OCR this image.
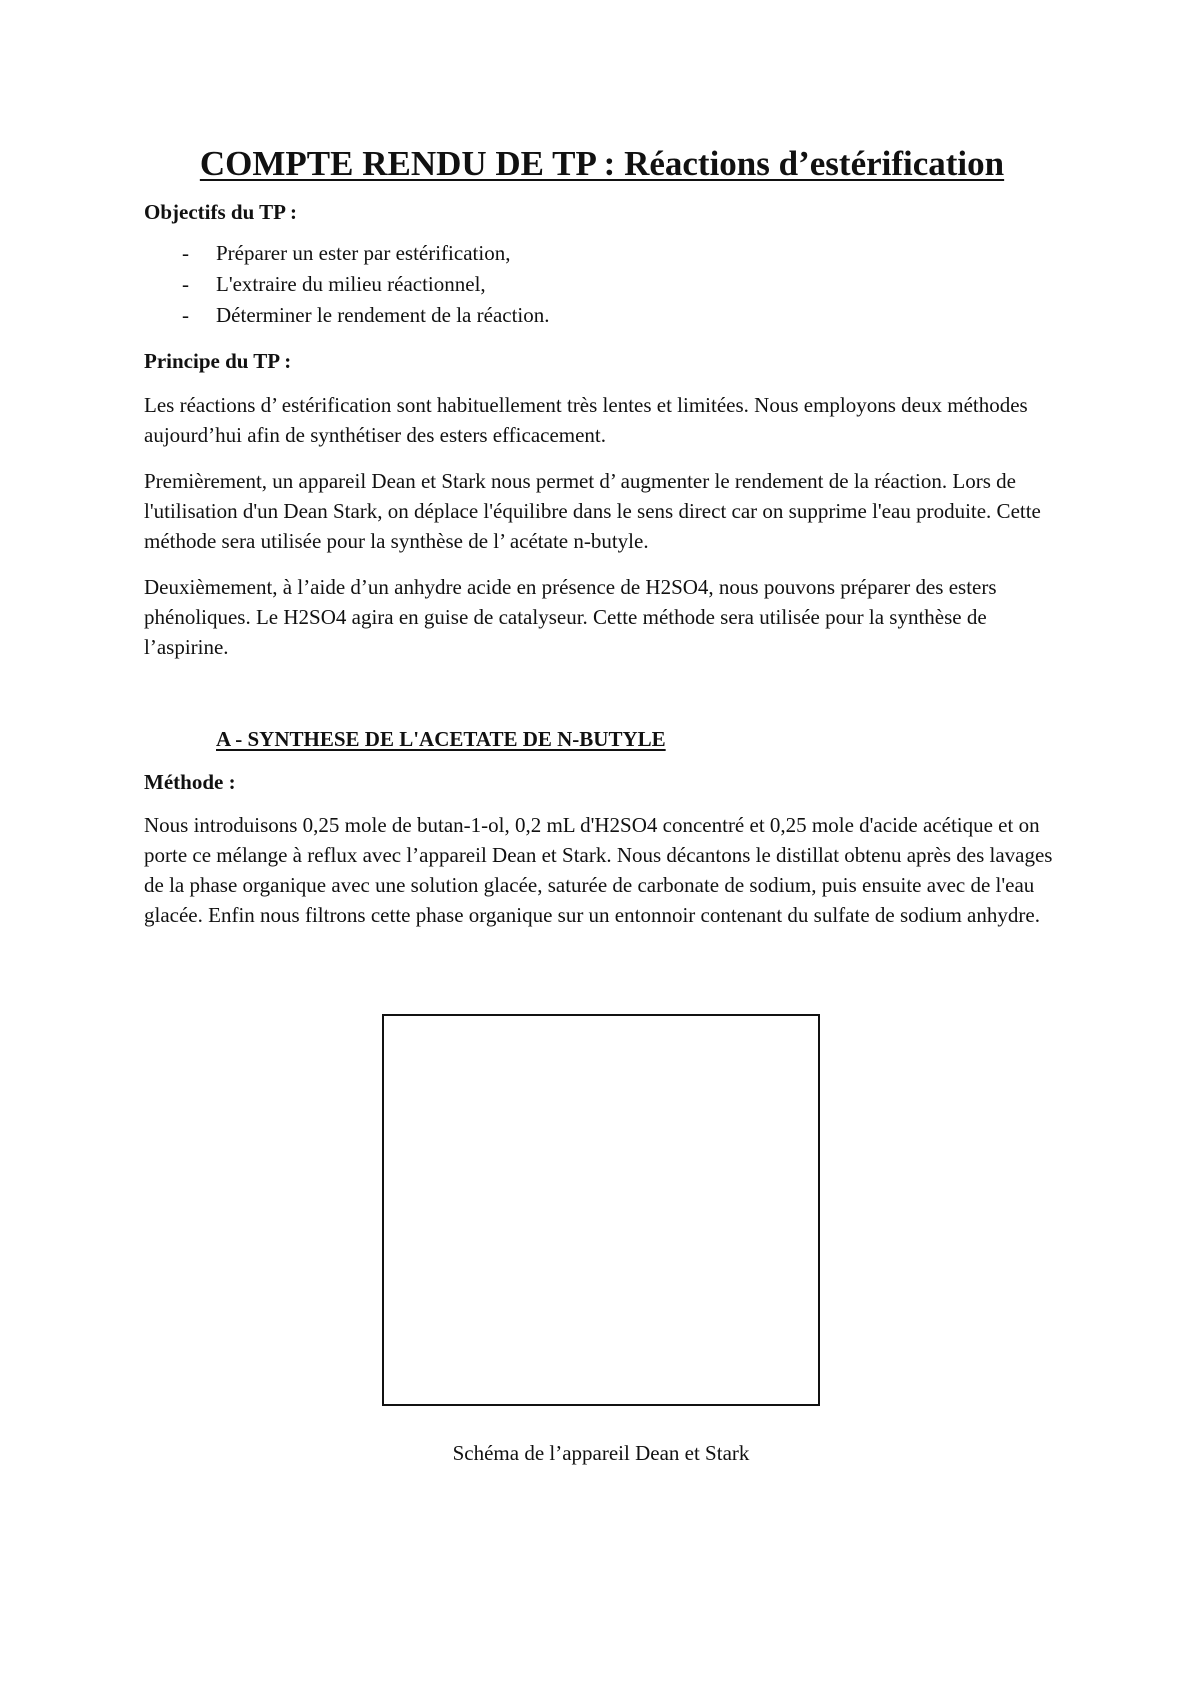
COMPTE RENDU DE TP : Réactions d’estérification

Objectifs du TP :

- Préparer un ester par estérification,
- L'extraire du milieu réactionnel,
- Déterminer le rendement de la réaction.

Principe du TP :

Les réactions d’ estérification sont habituellement très lentes et limitées. Nous employons deux méthodes aujourd’hui afin de synthétiser des esters efficacement.

Premièrement, un appareil Dean et Stark nous permet d’ augmenter le rendement de la réaction. Lors de l'utilisation d'un Dean Stark, on déplace l'équilibre dans le sens direct car on supprime l'eau produite. Cette méthode sera utilisée pour la synthèse de l’ acétate n-butyle.

Deuxièmement, à l’aide d’un anhydre acide en présence de H2SO4, nous pouvons préparer des esters phénoliques. Le H2SO4 agira en guise de catalyseur. Cette méthode sera utilisée pour la synthèse de l’aspirine.

A - SYNTHESE DE L'ACETATE DE N-BUTYLE

Méthode :

Nous introduisons 0,25 mole de butan-1-ol, 0,2 mL d'H2SO4 concentré et 0,25 mole d'acide acétique et on porte ce mélange à reflux avec l’appareil Dean et Stark. Nous décantons le distillat obtenu après des lavages de la phase organique avec une solution glacée, saturée de carbonate de sodium, puis ensuite avec de l'eau glacée. Enfin nous filtrons cette phase organique sur un entonnoir contenant du sulfate de sodium anhydre.

Schéma de l’appareil Dean et Stark
